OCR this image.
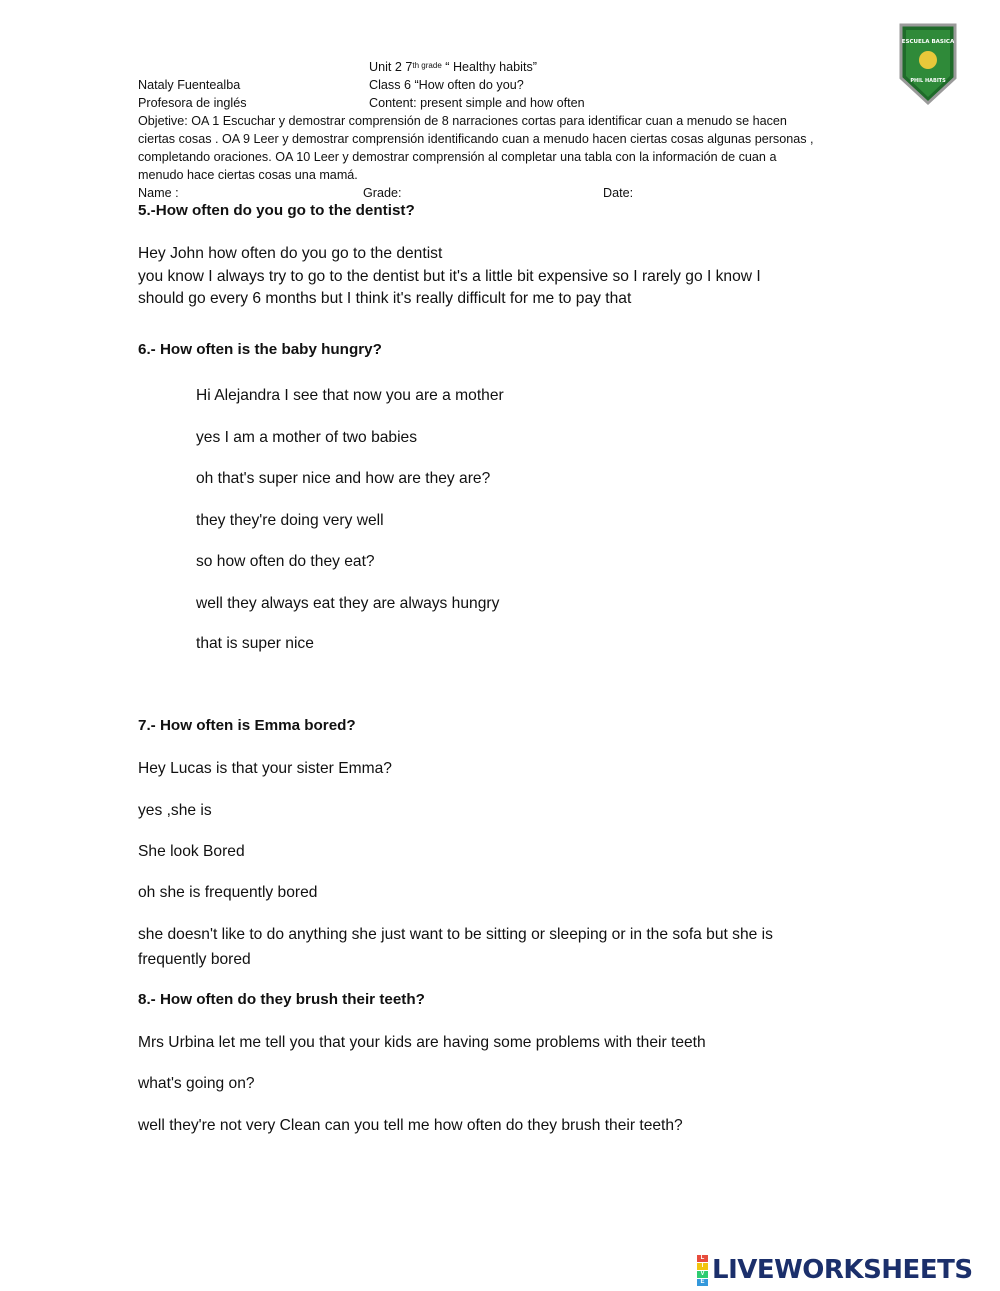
ESCUELA BASICA
PHIL HABITS
Unit 2 $7^{th grade}$ “ Healthy habits”
Nataly Fuentealba	Class 6 “How often do you?
Profesora de inglés	Content: present simple and how often
Objetive: OA 1 Escuchar y demostrar comprensión de 8 narraciones cortas para identificar cuan a menudo se hacen
ciertas cosas . OA 9 Leer y demostrar comprensión identificando cuan a menudo hacen ciertas cosas algunas personas ,
completando oraciones. OA 10 Leer y demostrar comprensión al completar una tabla con la información de cuan a
menudo hace ciertas cosas una mamá.
Name :	Grade:	Date:
5.-How often do you go to the dentist?
Hey John how often do you go to the dentist
you know I always try to go to the dentist but it's a little bit expensive so I rarely go I know I
should go every 6 months but I think it's really difficult for me to pay that
6.- How often is the baby hungry?
Hi Alejandra I see that now you are a mother
yes I am a mother of two babies
oh that's super nice and how are they are?
they they're doing very well
so how often do they eat?
well they always eat they are always hungry
that is super nice
7.- How often is Emma bored?
Hey Lucas is that your sister Emma?
yes ,she is
She look Bored
oh she is frequently bored
she doesn't like to do anything she just want to be sitting or sleeping or in the sofa but she is
frequently bored
8.- How often do they brush their teeth?
Mrs Urbina let me tell you that your kids are having some problems with their teeth
what's going on?
well they're not very Clean can you tell me how often do they brush their teeth?
L
I
V
E LIVEWORKSHEETS
